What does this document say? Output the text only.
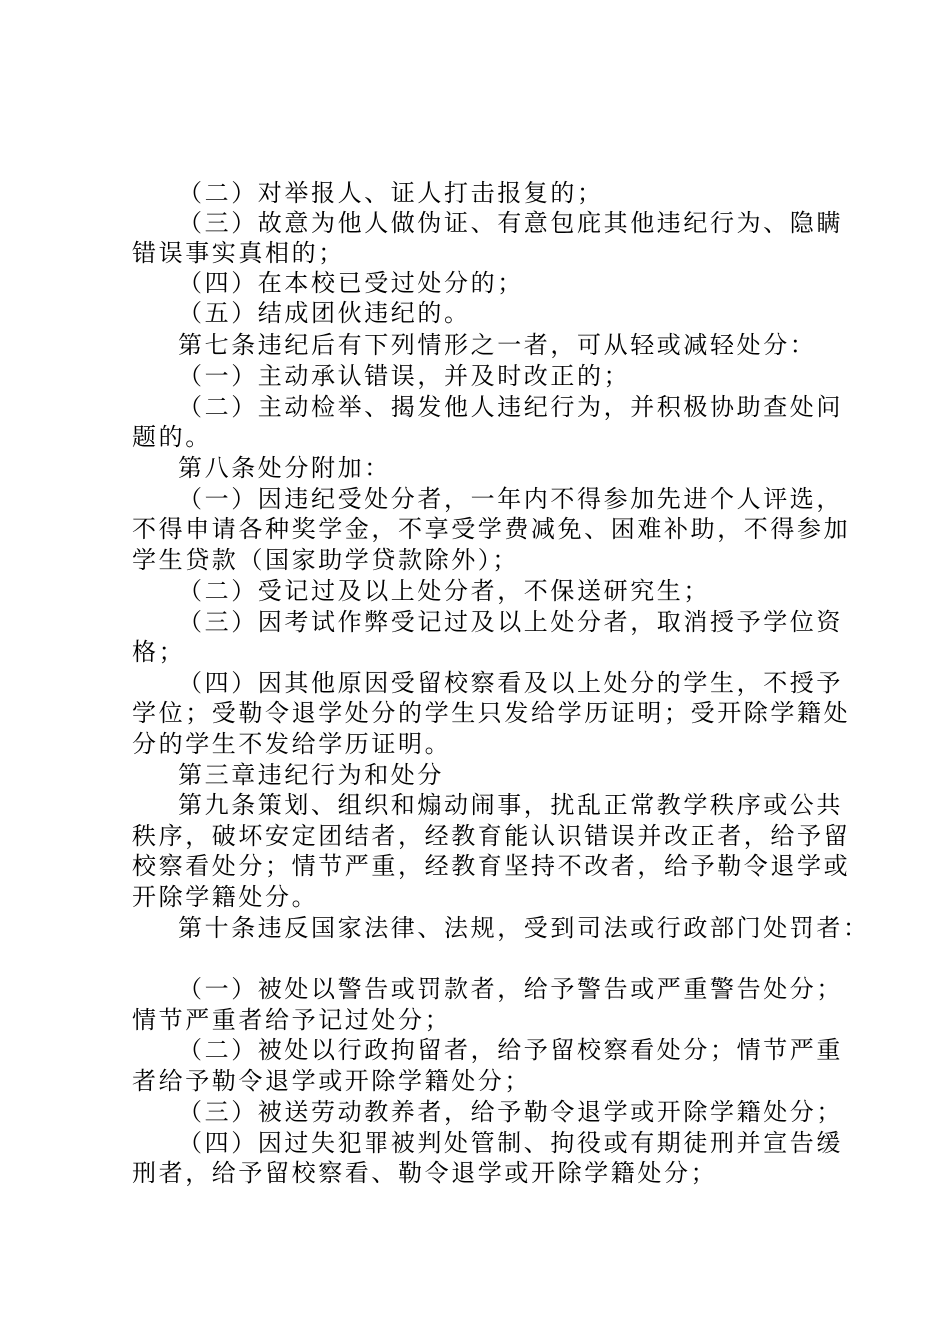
（二）对举报人、证人打击报复的；
（三）故意为他人做伪证、有意包庇其他违纪行为、隐瞒
错误事实真相的；
（四）在本校已受过处分的；
（五）结成团伙违纪的。
第七条违纪后有下列情形之一者，可从轻或减轻处分：
（一）主动承认错误，并及时改正的；
（二）主动检举、揭发他人违纪行为，并积极协助查处问
题的。
第八条处分附加：
（一）因违纪受处分者，一年内不得参加先进个人评选，
不得申请各种奖学金，不享受学费减免、困难补助，不得参加
学生贷款（国家助学贷款除外）；
（二）受记过及以上处分者，不保送研究生；
（三）因考试作弊受记过及以上处分者，取消授予学位资
格；
（四）因其他原因受留校察看及以上处分的学生，不授予
学位；受勒令退学处分的学生只发给学历证明；受开除学籍处
分的学生不发给学历证明。
第三章违纪行为和处分
第九条策划、组织和煽动闹事，扰乱正常教学秩序或公共
秩序，破坏安定团结者，经教育能认识错误并改正者，给予留
校察看处分；情节严重，经教育坚持不改者，给予勒令退学或
开除学籍处分。
第十条违反国家法律、法规，受到司法或行政部门处罚者：
（一）被处以警告或罚款者，给予警告或严重警告处分；
情节严重者给予记过处分；
（二）被处以行政拘留者，给予留校察看处分；情节严重
者给予勒令退学或开除学籍处分；
（三）被送劳动教养者，给予勒令退学或开除学籍处分；
（四）因过失犯罪被判处管制、拘役或有期徒刑并宣告缓
刑者，给予留校察看、勒令退学或开除学籍处分；
